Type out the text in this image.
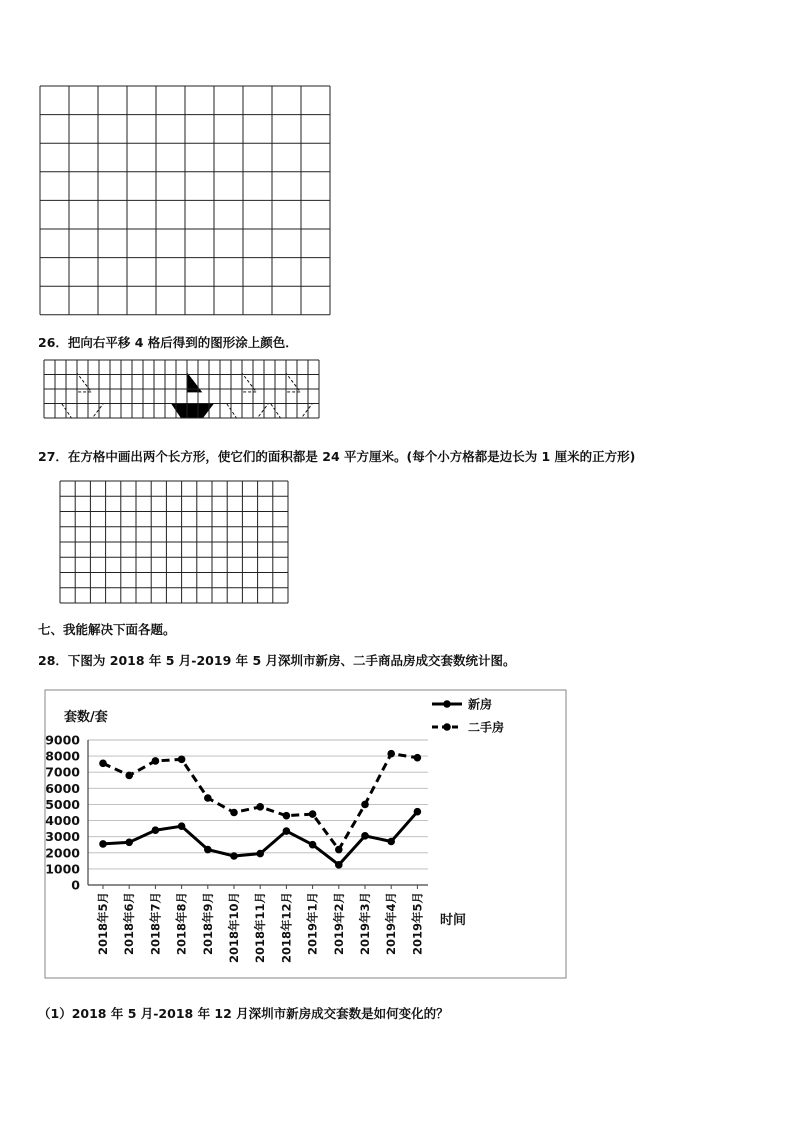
26．把向右平移 4 格后得到的图形涂上颜色．
27．在方格中画出两个长方形，使它们的面积都是 24 平方厘米。(每个小方格都是边长为 1 厘米的正方形)
七、我能解决下面各题。
28．下图为 2018 年 5 月-2019 年 5 月深圳市新房、二手商品房成交套数统计图。
套数/套
时间
9000
8000
7000
6000
5000
4000
3000
2000
1000
0
2018年5月 2018年6月 2018年7月 2018年8月 2018年9月 2018年10月 2018年11月 2018年12月 2019年1月 2019年2月 2019年3月 2019年4月 2019年5月
新房
二手房
（1）2018 年 5 月-2018 年 12 月深圳市新房成交套数是如何变化的？
